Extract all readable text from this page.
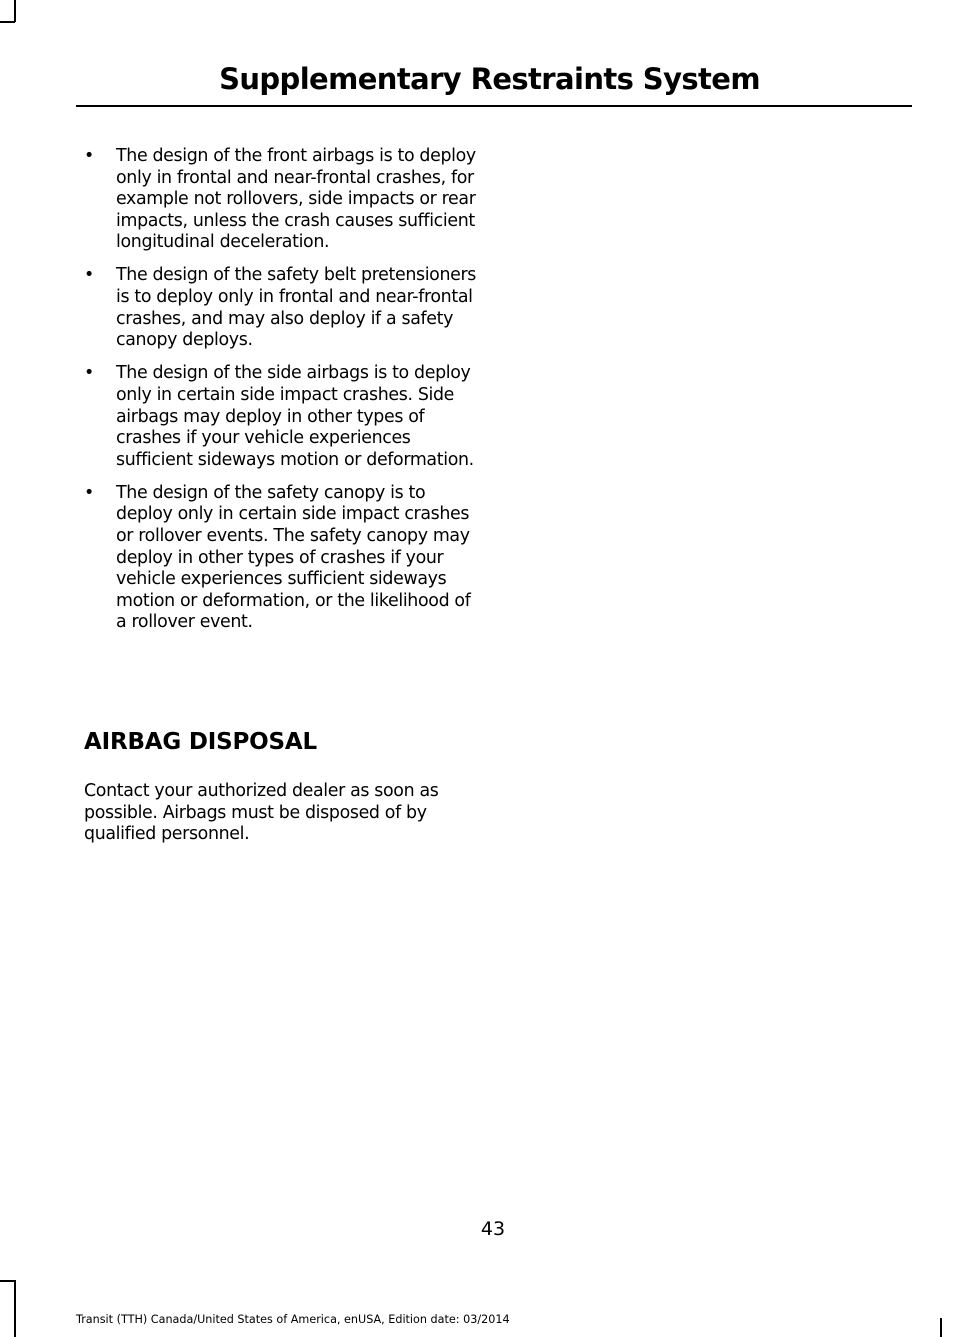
Supplementary Restraints System
•	The design of the front airbags is to deploy only in frontal and near-frontal crashes, for example not rollovers, side impacts or rear impacts, unless the crash causes sufficient longitudinal deceleration.
•	The design of the safety belt pretensioners is to deploy only in frontal and near-frontal crashes, and may also deploy if a safety canopy deploys.
•	The design of the side airbags is to deploy only in certain side impact crashes. Side airbags may deploy in other types of crashes if your vehicle experiences sufficient sideways motion or deformation.
•	The design of the safety canopy is to deploy only in certain side impact crashes or rollover events. The safety canopy may deploy in other types of crashes if your vehicle experiences sufficient sideways motion or deformation, or the likelihood of a rollover event.
AIRBAG DISPOSAL

Contact your authorized dealer as soon as possible. Airbags must be disposed of by qualified personnel.

43
Transit (TTH) Canada/United States of America, enUSA, Edition date: 03/2014
